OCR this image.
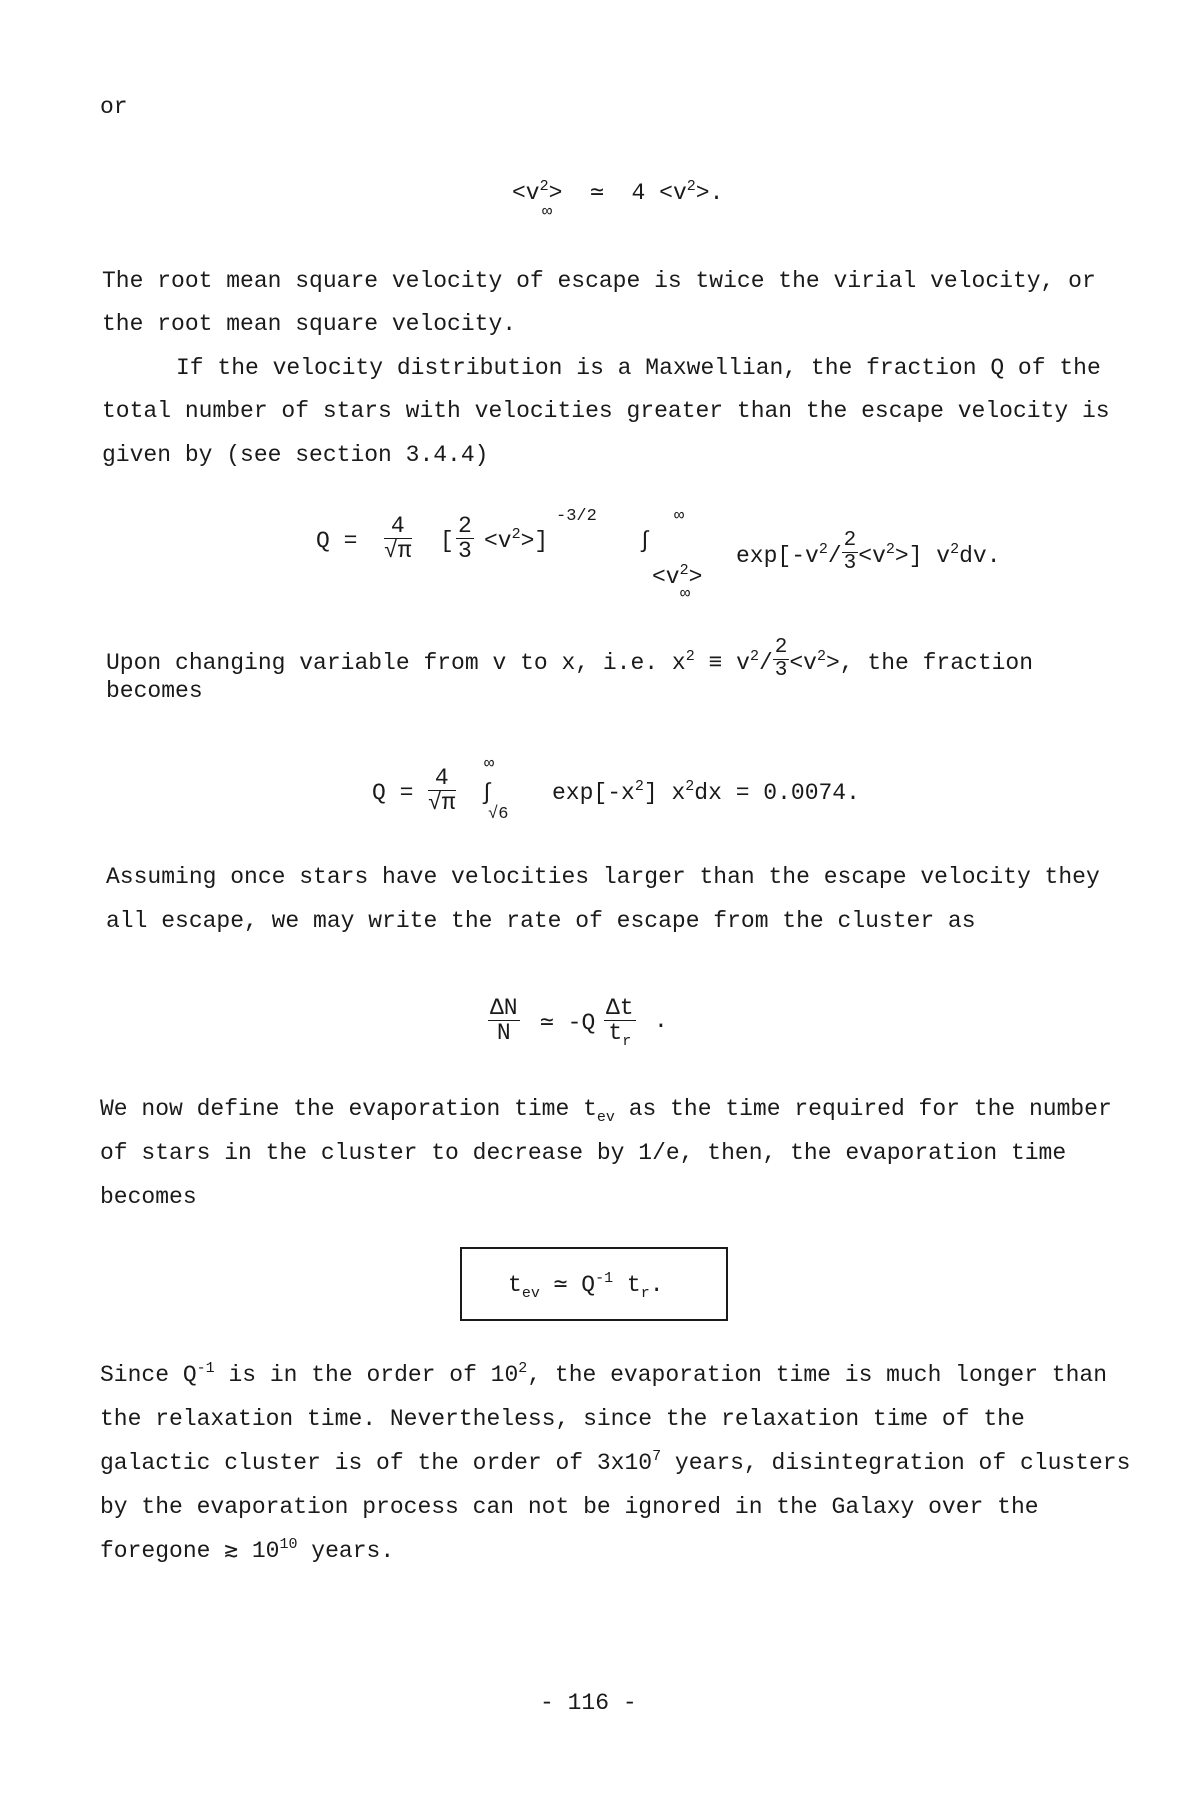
or
$<v^2>$
∞
≃ $4 <v^2>$.
The root mean square velocity of escape is twice the virial velocity, or
the root mean square velocity.
If the velocity distribution is a Maxwellian, the fraction Q of the
total number of stars with velocities greater than the escape velocity is
given by (see section 3.4.4)
$Q = \frac{4}{√\pi}$ [ $\frac{2}{3} <v^2>$]
-3/2	∞
∫
$<v^2>$
∞
$\exp[-v^2/ \frac{2}{3} <v^2>]$ $v^2dv$.
Upon changing variable from v to x, i.e. $x^2 \equiv v^2/ \frac{2}{3} <v^2>$, the fraction
becomes
$Q = \frac{4}{√\pi}$ ∫
∞
√6
$\exp[-x^2] x^2dx = 0.0074$.
Assuming once stars have velocities larger than the escape velocity they
all escape, we may write the rate of escape from the cluster as
$\frac{\Delta N}{N}$ ≃ $-Q \frac{\Delta t}{t_r}$ .
We now define the evaporation time $t_{ev}$ as the time required for the number
of stars in the cluster to decrease by 1/e, then, the evaporation time
becomes
$t_{ev}$ ≃ $Q^{-1}$ $t_r$.
Since $Q^{-1}$ is in the order of $10^2$, the evaporation time is much longer than
the relaxation time. Nevertheless, since the relaxation time of the
galactic cluster is of the order of $3x10^7$ years, disintegration of clusters
by the evaporation process can not be ignored in the Galaxy over the
foregone ≳ $10^{10}$ years.
- 116 -
